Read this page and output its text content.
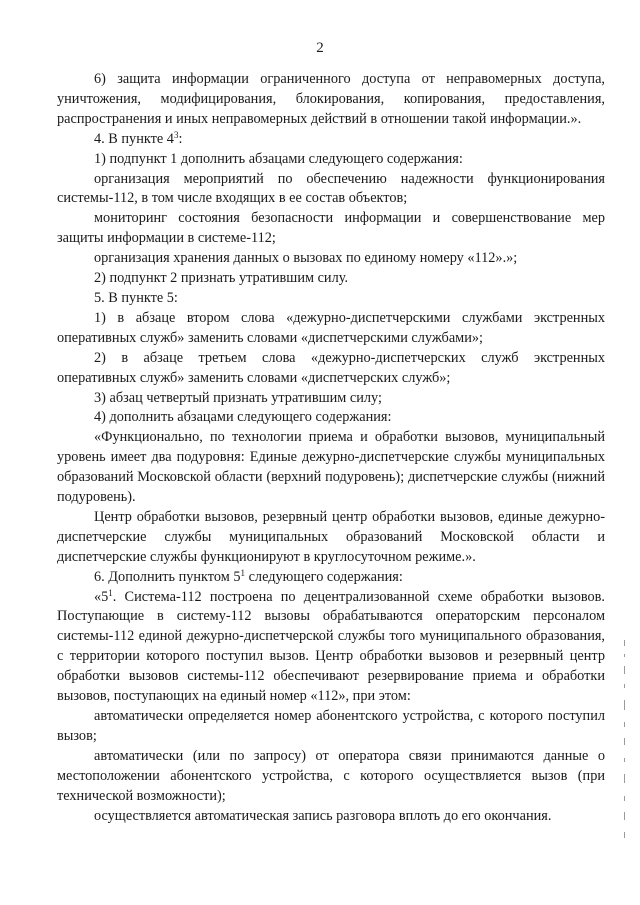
2

6) защита информации ограниченного доступа от неправомерных доступа, уничтожения, модифицирования, блокирования, копирования, предоставления, распространения и иных неправомерных действий в отношении такой информации.».

4. В пункте $4^3$:

1) подпункт 1 дополнить абзацами следующего содержания:

организация мероприятий по обеспечению надежности функционирования системы-112, в том числе входящих в ее состав объектов;

мониторинг состояния безопасности информации и совершенствование мер защиты информации в системе-112;

организация хранения данных о вызовах по единому номеру «112».»;

2) подпункт 2 признать утратившим силу.

5. В пункте 5:

1) в абзаце втором слова «дежурно-диспетчерскими службами экстренных оперативных служб» заменить словами «диспетчерскими службами»;

2) в абзаце третьем слова «дежурно-диспетчерских служб экстренных оперативных служб» заменить словами «диспетчерских служб»;

3) абзац четвертый признать утратившим силу;

4) дополнить абзацами следующего содержания:

«Функционально, по технологии приема и обработки вызовов, муниципальный уровень имеет два подуровня: Единые дежурно-диспетчерские службы муниципальных образований Московской области (верхний подуровень); диспетчерские службы (нижний подуровень).

Центр обработки вызовов, резервный центр обработки вызовов, единые дежурно-диспетчерские службы муниципальных образований Московской области и диспетчерские службы функционируют в круглосуточном режиме.».

6. Дополнить пунктом $5^1$ следующего содержания:

«$5^1$. Система-112 построена по децентрализованной схеме обработки вызовов. Поступающие в систему-112 вызовы обрабатываются операторским персоналом системы-112 единой дежурно-диспетчерской службы того муниципального образования, с территории которого поступил вызов. Центр обработки вызовов и резервный центр обработки вызовов системы-112 обеспечивают резервирование приема и обработки вызовов, поступающих на единый номер «112», при этом:

автоматически определяется номер абонентского устройства, с которого поступил вызов;

автоматически (или по запросу) от оператора связи принимаются данные о местоположении абонентского устройства, с которого осуществляется вызов (при технической возможности);

осуществляется автоматическая запись разговора вплоть до его окончания.
